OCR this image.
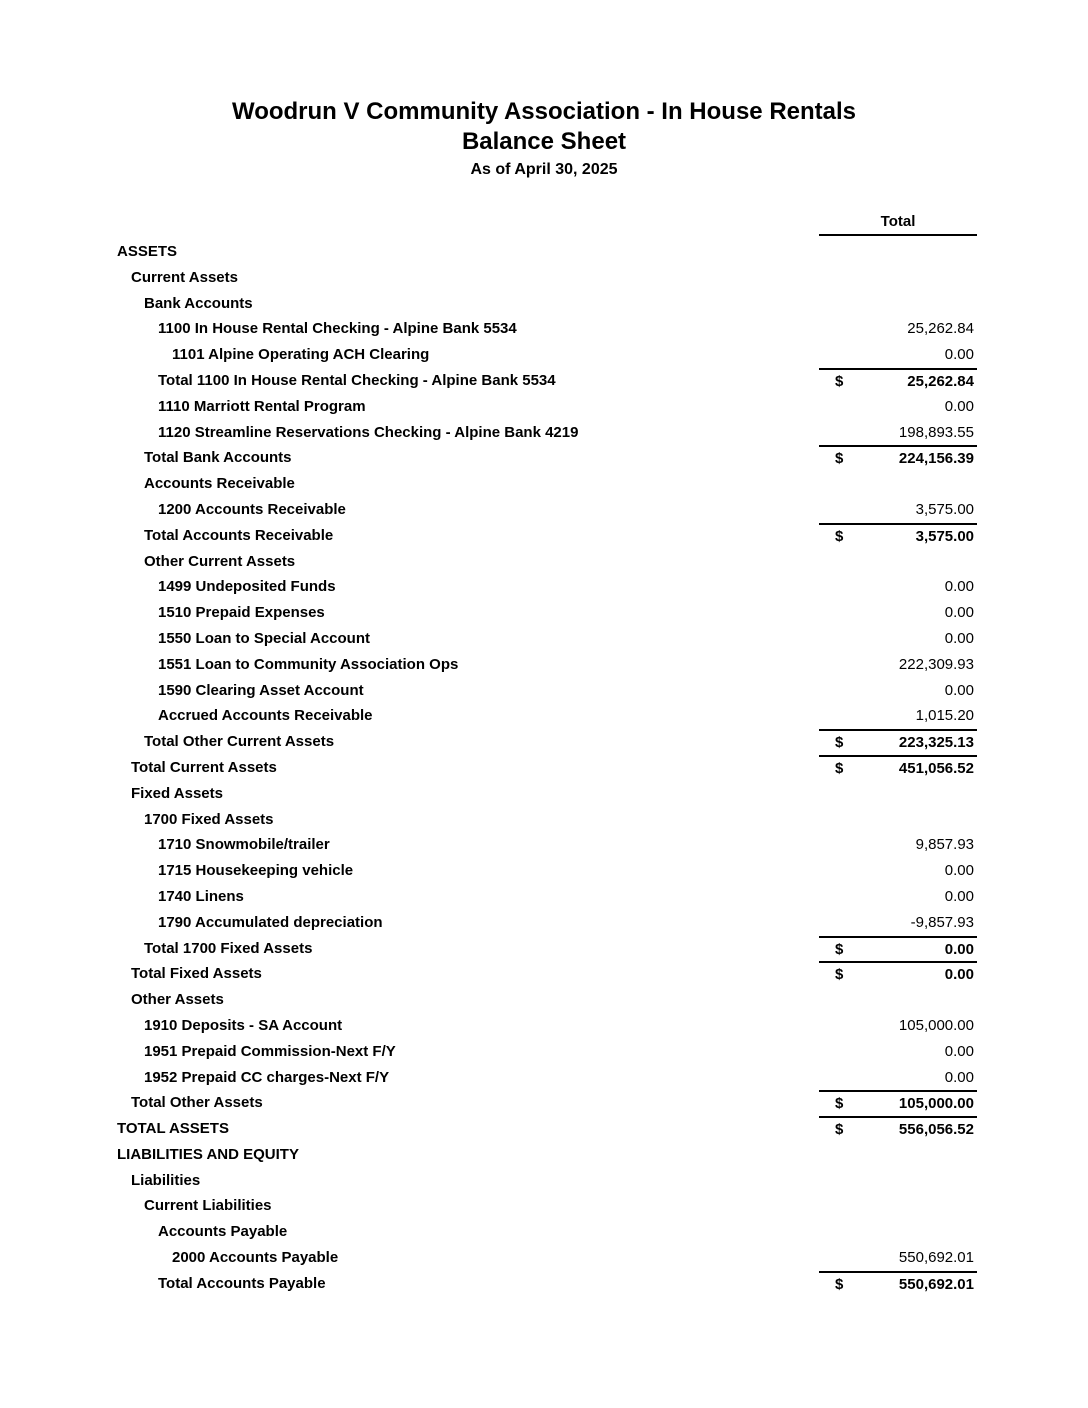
Woodrun V Community Association - In House Rentals
Balance Sheet
As of April 30, 2025
Total
ASSETS
Current Assets
Bank Accounts
1100 In House Rental Checking - Alpine Bank 5534	25,262.84
1101 Alpine Operating ACH Clearing	0.00
Total 1100 In House Rental Checking - Alpine Bank 5534	$	25,262.84
1110 Marriott Rental Program	0.00
1120 Streamline Reservations Checking - Alpine Bank 4219	198,893.55
Total Bank Accounts	$	224,156.39
Accounts Receivable
1200 Accounts Receivable	3,575.00
Total Accounts Receivable	$	3,575.00
Other Current Assets
1499 Undeposited Funds	0.00
1510 Prepaid Expenses	0.00
1550 Loan to Special Account	0.00
1551 Loan to Community Association Ops	222,309.93
1590 Clearing Asset Account	0.00
Accrued Accounts Receivable	1,015.20
Total Other Current Assets	$	223,325.13
Total Current Assets	$	451,056.52
Fixed Assets
1700 Fixed Assets
1710 Snowmobile/trailer	9,857.93
1715 Housekeeping vehicle	0.00
1740 Linens	0.00
1790 Accumulated depreciation	-9,857.93
Total 1700 Fixed Assets	$	0.00
Total Fixed Assets	$	0.00
Other Assets
1910 Deposits - SA Account	105,000.00
1951 Prepaid Commission-Next F/Y	0.00
1952 Prepaid CC charges-Next F/Y	0.00
Total Other Assets	$	105,000.00
TOTAL ASSETS	$	556,056.52
LIABILITIES AND EQUITY
Liabilities
Current Liabilities
Accounts Payable
2000 Accounts Payable	550,692.01
Total Accounts Payable	$	550,692.01
